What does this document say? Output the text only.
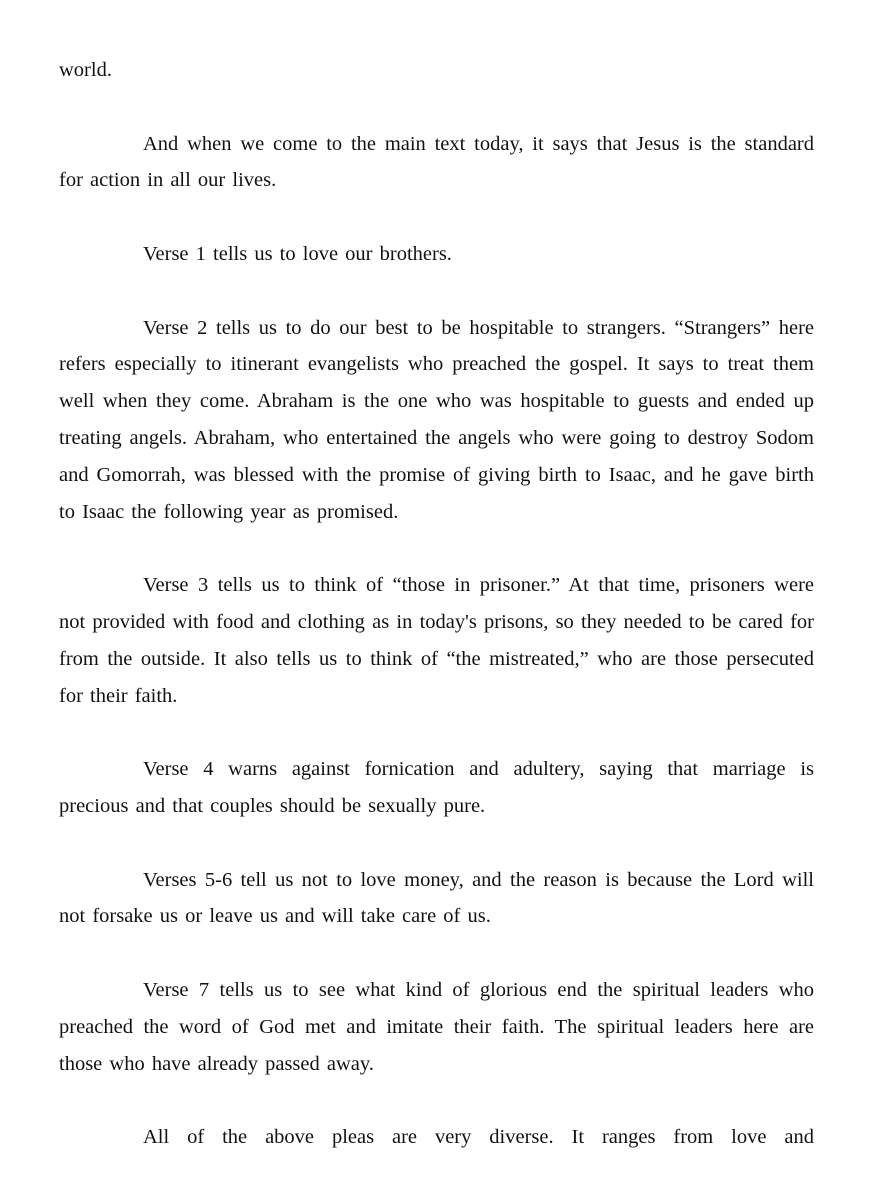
world.

And when we come to the main text today, it says that Jesus is the standard for action in all our lives.

Verse 1 tells us to love our brothers.

Verse 2 tells us to do our best to be hospitable to strangers. “Strangers” here refers especially to itinerant evangelists who preached the gospel. It says to treat them well when they come. Abraham is the one who was hospitable to guests and ended up treating angels. Abraham, who entertained the angels who were going to destroy Sodom and Gomorrah, was blessed with the promise of giving birth to Isaac, and he gave birth to Isaac the following year as promised.

Verse 3 tells us to think of “those in prisoner.” At that time, prisoners were not provided with food and clothing as in today's prisons, so they needed to be cared for from the outside. It also tells us to think of “the mistreated,” who are those persecuted for their faith.

Verse 4 warns against fornication and adultery, saying that marriage is precious and that couples should be sexually pure.

Verses 5-6 tell us not to love money, and the reason is because the Lord will not forsake us or leave us and will take care of us.

Verse 7 tells us to see what kind of glorious end the spiritual leaders who preached the word of God met and imitate their faith. The spiritual leaders here are those who have already passed away.

All of the above pleas are very diverse. It ranges from love and
